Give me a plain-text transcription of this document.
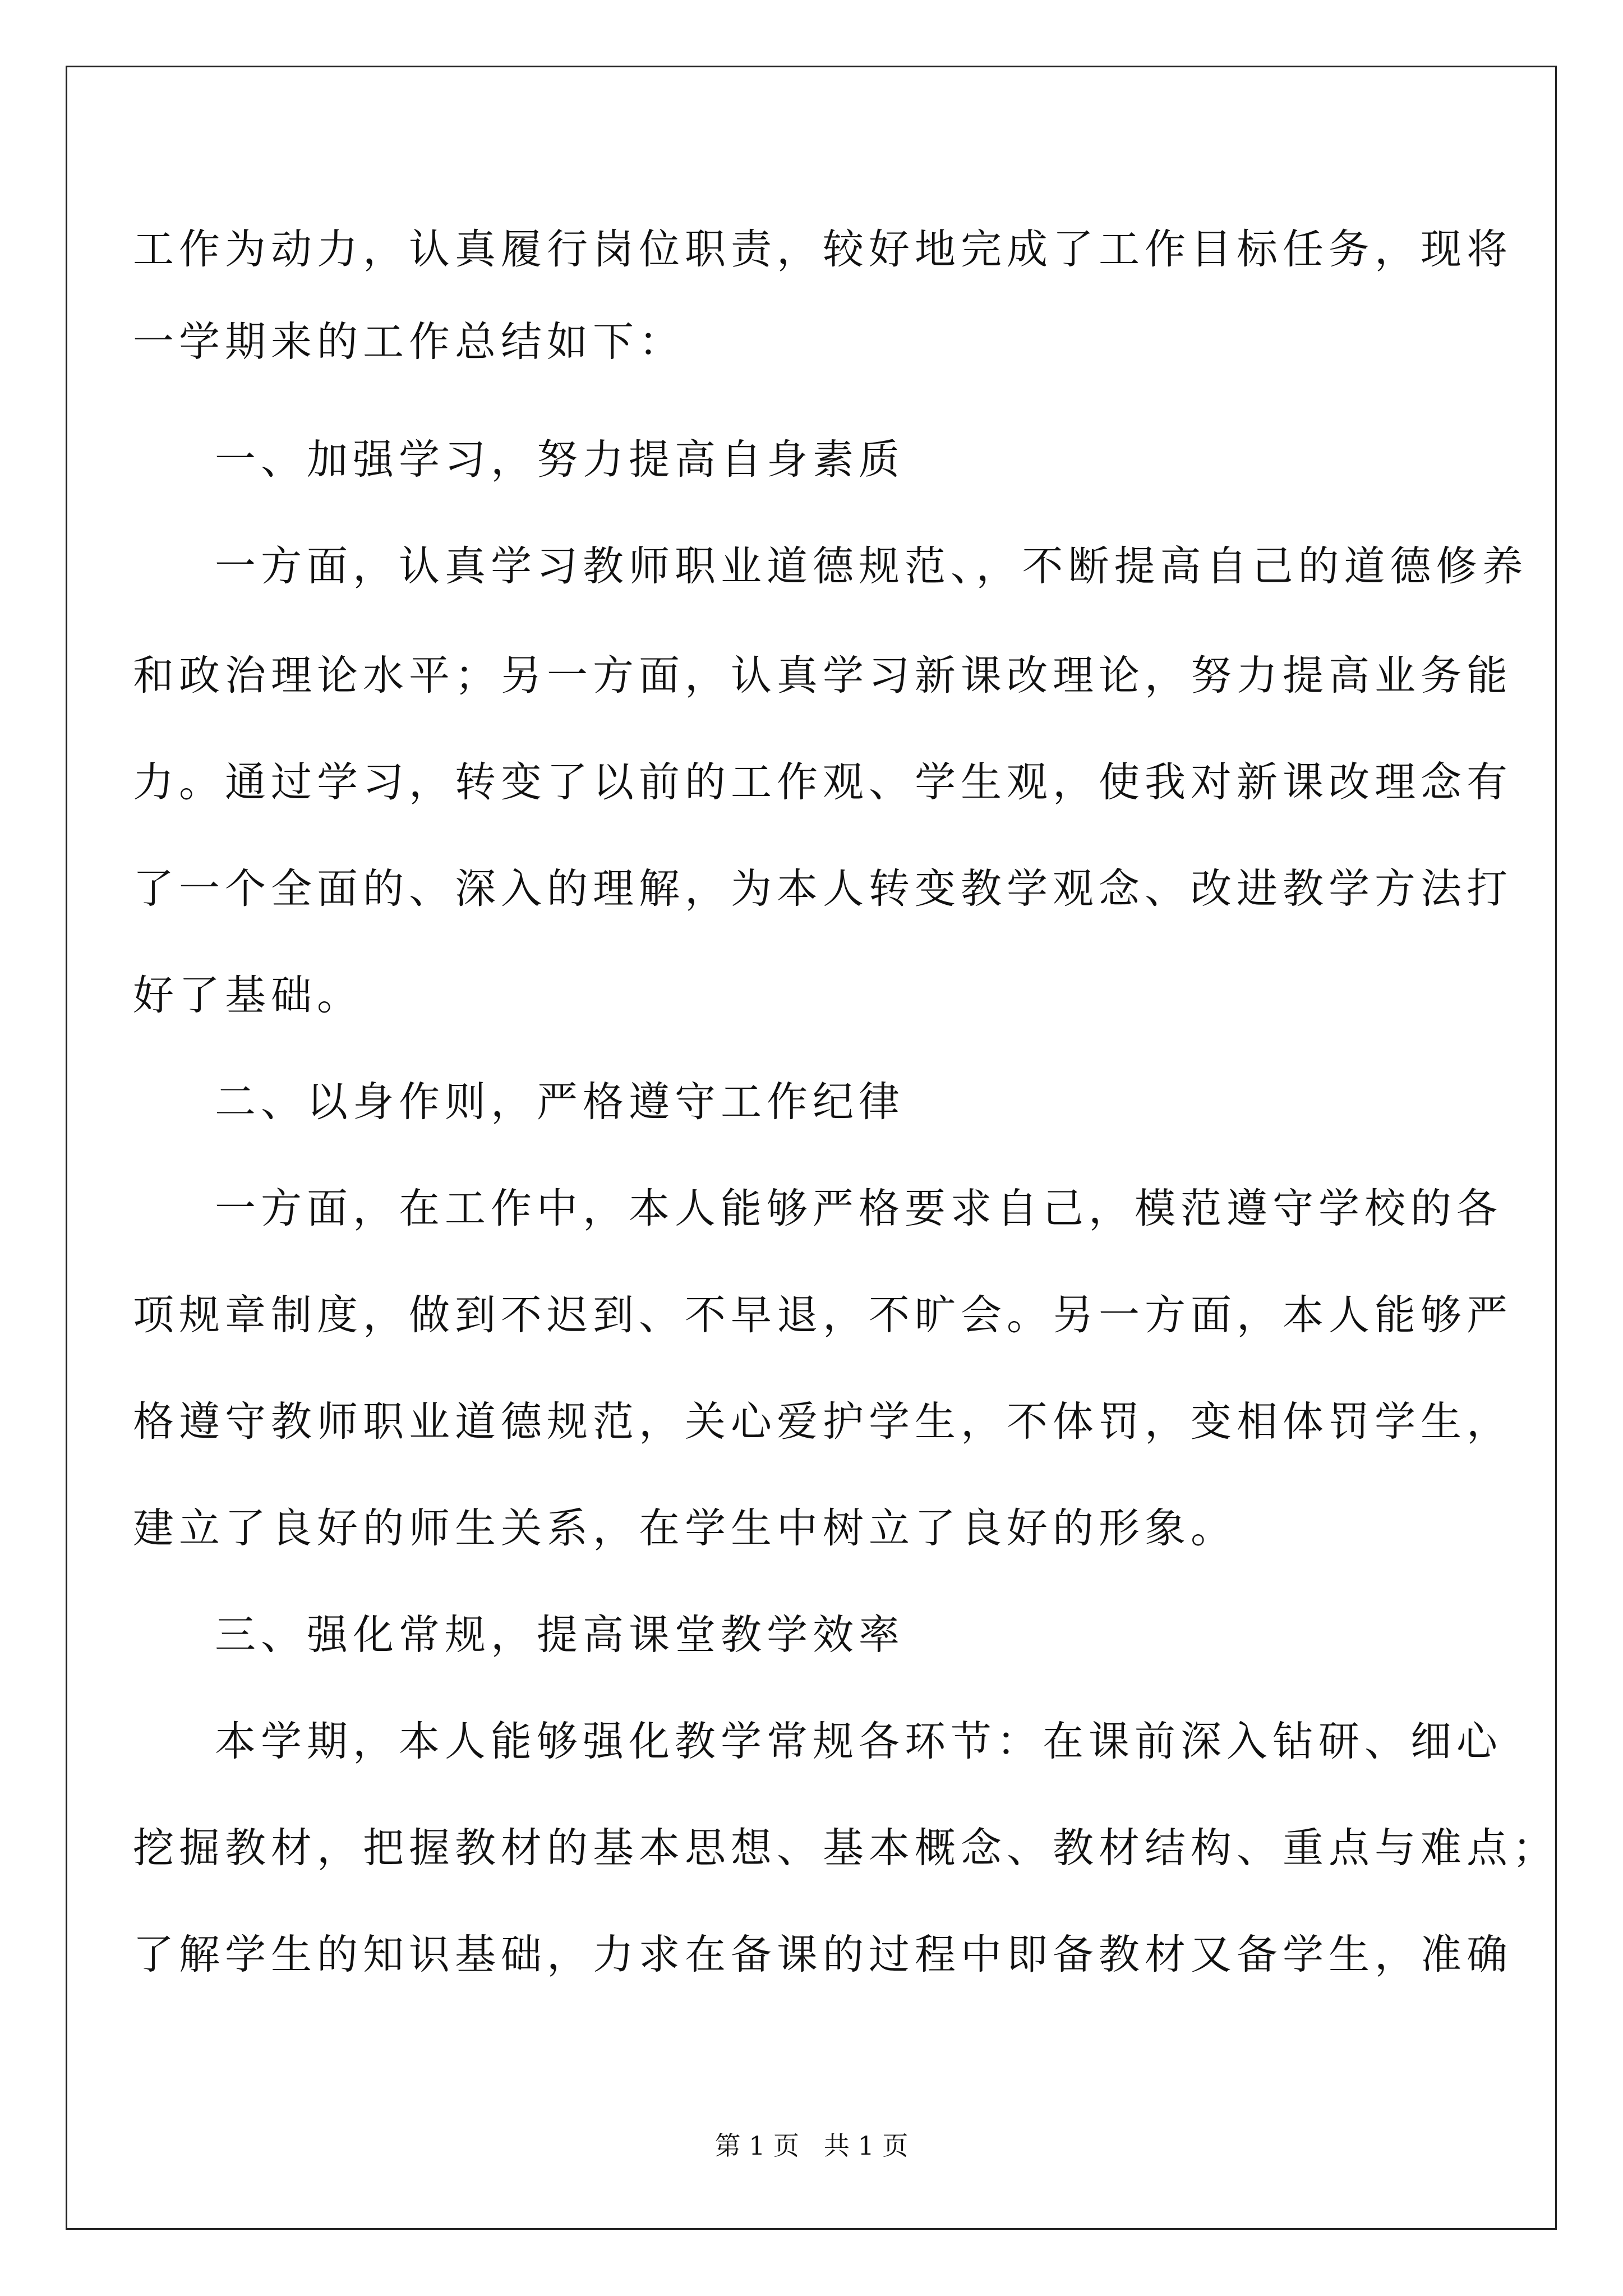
工作为动力，认真履行岗位职责，较好地完成了工作目标任务，现将
一学期来的工作总结如下：
一、加强学习，努力提高自身素质
一方面，认真学习教师职业道德规范、，不断提高自己的道德修养
和政治理论水平；另一方面，认真学习新课改理论，努力提高业务能
力。通过学习，转变了以前的工作观、学生观，使我对新课改理念有
了一个全面的、深入的理解，为本人转变教学观念、改进教学方法打
好了基础。
二、以身作则，严格遵守工作纪律
一方面，在工作中，本人能够严格要求自己，模范遵守学校的各
项规章制度，做到不迟到、不早退，不旷会。另一方面，本人能够严
格遵守教师职业道德规范，关心爱护学生，不体罚，变相体罚学生，
建立了良好的师生关系，在学生中树立了良好的形象。
三、强化常规，提高课堂教学效率
本学期，本人能够强化教学常规各环节：在课前深入钻研、细心
挖掘教材，把握教材的基本思想、基本概念、教材结构、重点与难点；
了解学生的知识基础，力求在备课的过程中即备教材又备学生，准确
第 1 页   共 1 页
